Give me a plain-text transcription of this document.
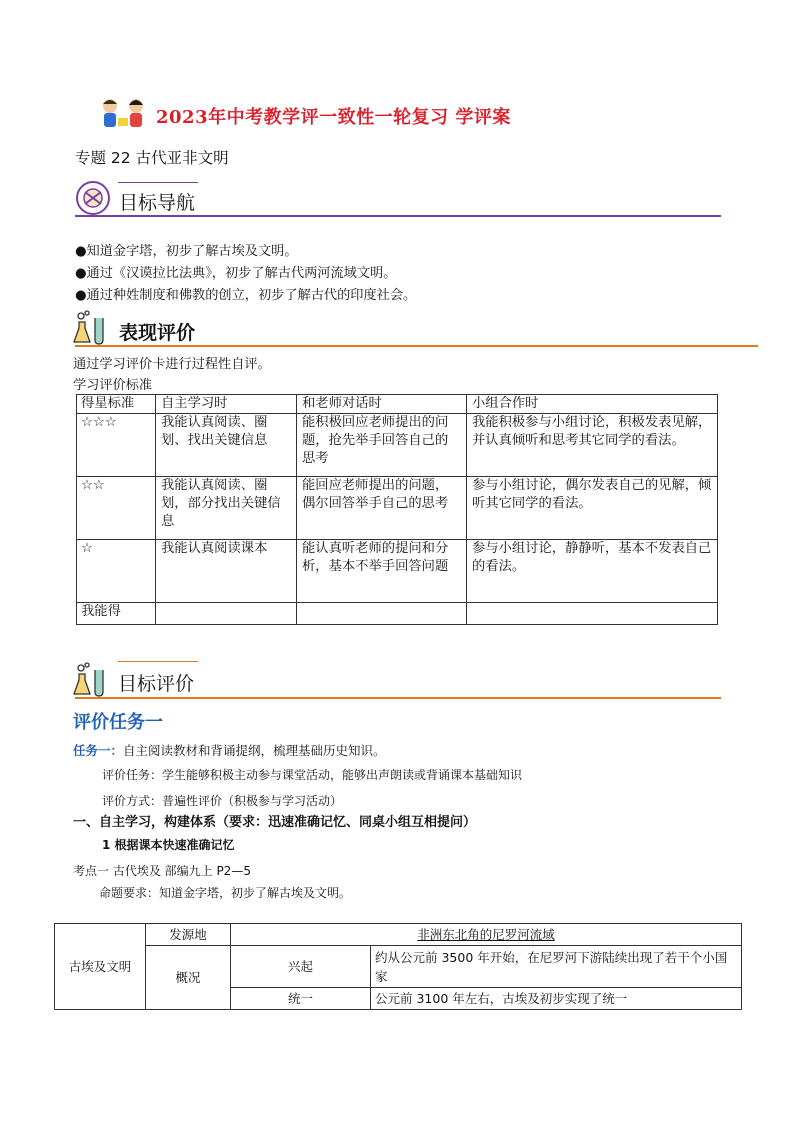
2023年中考教学评一致性一轮复习 学评案
专题 22 古代亚非文明
目标导航
●知道金字塔，初步了解古埃及文明。
●通过《汉谟拉比法典》，初步了解古代两河流域文明。
●通过种姓制度和佛教的创立，初步了解古代的印度社会。
表现评价
通过学习评价卡进行过程性自评。
学习评价标准
得星标准	自主学习时	和老师对话时	小组合作时
☆☆☆	我能认真阅读、圈划、找出关键信息	能积极回应老师提出的问题，抢先举手回答自己的思考	我能积极参与小组讨论，积极发表见解，并认真倾听和思考其它同学的看法。
☆☆	我能认真阅读、圈划，部分找出关键信息	能回应老师提出的问题，偶尔回答举手自己的思考	参与小组讨论，偶尔发表自己的见解，倾听其它同学的看法。
☆	我能认真阅读课本	能认真听老师的提问和分析，基本不举手回答问题	参与小组讨论，静静听，基本不发表自己的看法。
我能得			
目标评价
评价任务一
任务一：自主阅读教材和背诵提纲，梳理基础历史知识。
评价任务：学生能够积极主动参与课堂活动，能够出声朗读或背诵课本基础知识
评价方式：普遍性评价（积极参与学习活动）
一、自主学习，构建体系（要求：迅速准确记忆、同桌小组互相提问）
1 根据课本快速准确记忆
考点一 古代埃及 部编九上 P2—5
命题要求：知道金字塔，初步了解古埃及文明。
古埃及文明	发源地	非洲东北角的尼罗河流域	
	概况	兴起	约从公元前 3500 年开始，在尼罗河下游陆续出现了若干个小国家
		统一	公元前 3100 年左右，古埃及初步实现了统一
